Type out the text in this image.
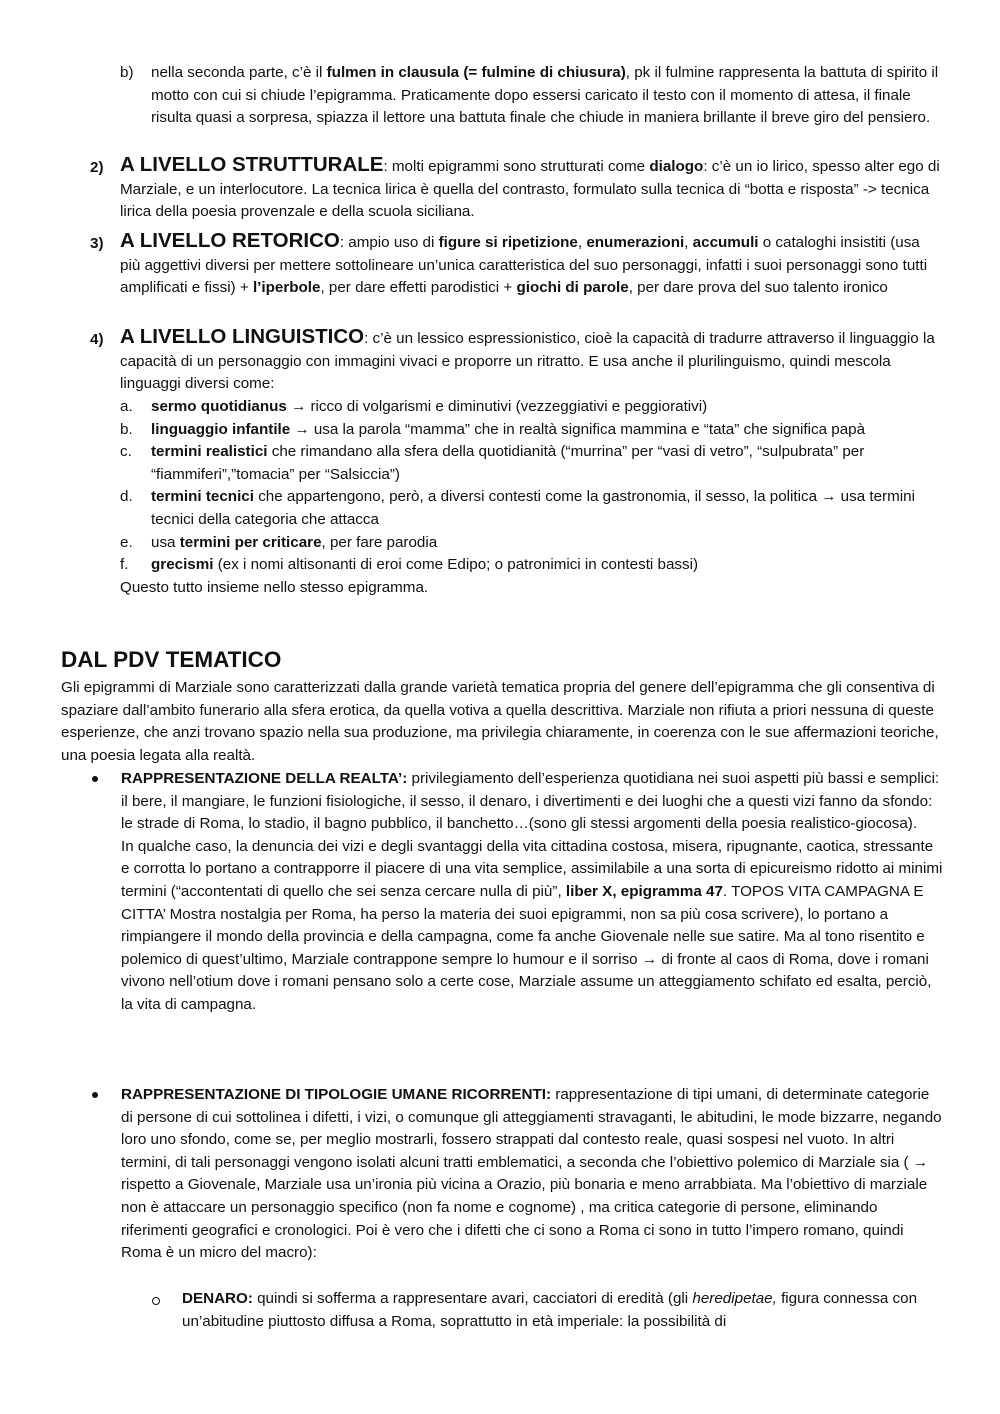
b)	nella seconda parte, c’è il fulmen in clausula (= fulmine di chiusura), pk il fulmine rappresenta la battuta di spirito il motto con cui si chiude l’epigramma. Praticamente dopo essersi caricato il testo con il momento di attesa, il finale risulta quasi a sorpresa, spiazza il lettore una battuta finale che chiude in maniera brillante il breve giro del pensiero.

2) A LIVELLO STRUTTURALE: molti epigrammi sono strutturati come dialogo: c’è un io lirico, spesso alter ego di Marziale, e un interlocutore. La tecnica lirica è quella del contrasto, formulato sulla tecnica di “botta e risposta” -> tecnica lirica della poesia provenzale e della scuola siciliana.

3) A LIVELLO RETORICO: ampio uso di figure si ripetizione, enumerazioni, accumuli o cataloghi insistiti (usa più aggettivi diversi per mettere sottolineare un’unica caratteristica del suo personaggi, infatti i suoi personaggi sono tutti amplificati e fissi) + l’iperbole, per dare effetti parodistici + giochi di parole, per dare prova del suo talento ironico

4) A LIVELLO LINGUISTICO: c’è un lessico espressionistico, cioè la capacità di tradurre attraverso il linguaggio la capacità di un personaggio con immagini vivaci e proporre un ritratto. E usa anche il plurilinguismo, quindi mescola linguaggi diversi come:

a.	sermo quotidianus → ricco di volgarismi e diminutivi (vezzeggiativi e peggiorativi)

b.	linguaggio infantile → usa la parola “mamma” che in realtà significa mammina e “tata” che significa papà

c.	termini realistici che rimandano alla sfera della quotidianità (“murrina” per “vasi di vetro”, “sulpubrata” per “fiammiferi”,”tomacia” per “Salsiccia”)

d.	termini tecnici che appartengono, però, a diversi contesti come la gastronomia, il sesso, la politica → usa termini tecnici della categoria che attacca

e.	usa termini per criticare, per fare parodia

f.	grecismi (ex i nomi altisonanti di eroi come Edipo; o patronimici in contesti bassi)

Questo tutto insieme nello stesso epigramma.

DAL PDV TEMATICO

Gli epigrammi di Marziale sono caratterizzati dalla grande varietà tematica propria del genere dell’epigramma che gli consentiva di spaziare dall’ambito funerario alla sfera erotica, da quella votiva a quella descrittiva. Marziale non rifiuta a priori nessuna di queste esperienze, che anzi trovano spazio nella sua produzione, ma privilegia chiaramente, in coerenza con le sue affermazioni teoriche, una poesia legata alla realtà.

RAPPRESENTAZIONE DELLA REALTA’: privilegiamento dell’esperienza quotidiana nei suoi aspetti più bassi e semplici: il bere, il mangiare, le funzioni fisiologiche, il sesso, il denaro, i divertimenti e dei luoghi che a questi vizi fanno da sfondo: le strade di Roma, lo stadio, il bagno pubblico, il banchetto…(sono gli stessi argomenti della poesia realistico-giocosa).

In qualche caso, la denuncia dei vizi e degli svantaggi della vita cittadina costosa, misera, ripugnante, caotica, stressante e corrotta lo portano a contrapporre il piacere di una vita semplice, assimilabile a una sorta di epicureismo ridotto ai minimi termini (“accontentati di quello che sei senza cercare nulla di più”, liber X, epigramma 47. TOPOS VITA CAMPAGNA E CITTA’ Mostra nostalgia per Roma, ha perso la materia dei suoi epigrammi, non sa più cosa scrivere), lo portano a rimpiangere il mondo della provincia e della campagna, come fa anche Giovenale nelle sue satire. Ma al tono risentito e polemico di quest’ultimo, Marziale contrappone sempre lo humour e il sorriso → di fronte al caos di Roma, dove i romani vivono nell’otium dove i romani pensano solo a certe cose, Marziale assume un atteggiamento schifato ed esalta, perciò, la vita di campagna.

RAPPRESENTAZIONE DI TIPOLOGIE UMANE RICORRENTI: rappresentazione di tipi umani, di determinate categorie di persone di cui sottolinea i difetti, i vizi, o comunque gli atteggiamenti stravaganti, le abitudini, le mode bizzarre, negando loro uno sfondo, come se, per meglio mostrarli, fossero strappati dal contesto reale, quasi sospesi nel vuoto. In altri termini, di tali personaggi vengono isolati alcuni tratti emblematici, a seconda che l’obiettivo polemico di Marziale sia ( → rispetto a Giovenale, Marziale usa un’ironia più vicina a Orazio, più bonaria e meno arrabbiata. Ma l’obiettivo di marziale non è attaccare un personaggio specifico (non fa nome e cognome) , ma critica categorie di persone, eliminando riferimenti geografici e cronologici. Poi è vero che i difetti che ci sono a Roma ci sono in tutto l’impero romano, quindi Roma è un micro del macro):

DENARO: quindi si sofferma a rappresentare avari, cacciatori di eredità (gli heredipetae, figura connessa con un’abitudine piuttosto diffusa a Roma, soprattutto in età imperiale: la possibilità di
